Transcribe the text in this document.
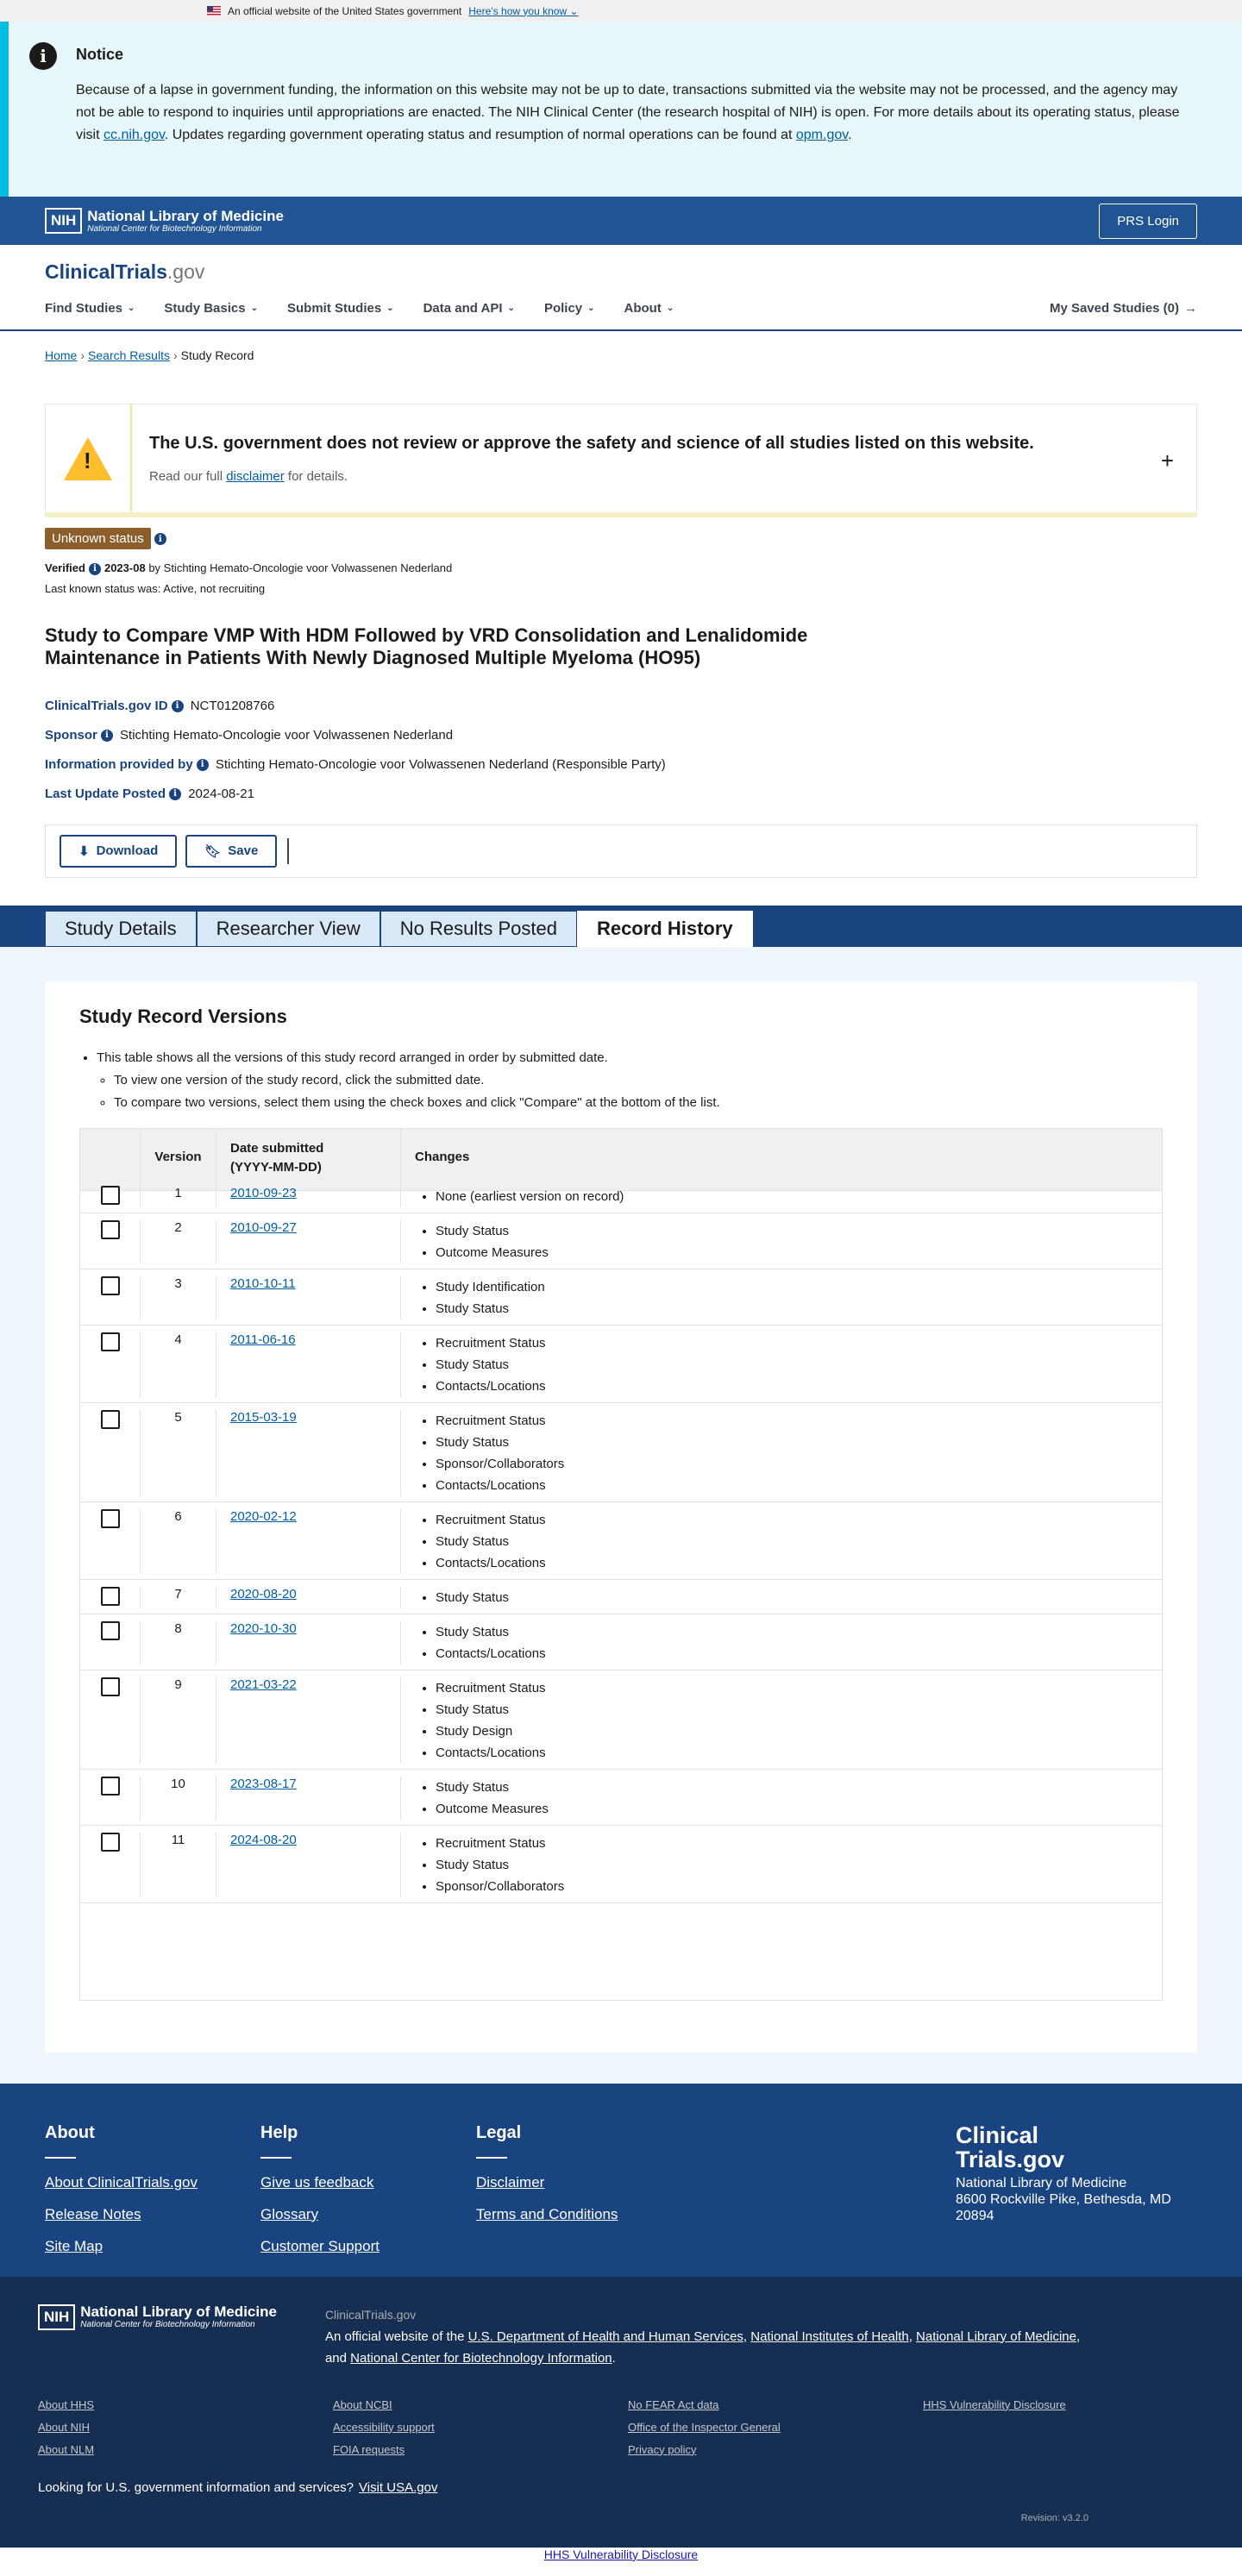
An official website of the United States government Here’s how you know ⌄
i	Notice

Because of a lapse in government funding, the information on this website may not be up to date, transactions submitted via the website may not be processed, and the agency may not be able to respond to inquiries until appropriations are enacted. The NIH Clinical Center (the research hospital of NIH) is open. For more details about its operating status, please visit cc.nih.gov. Updates regarding government operating status and resumption of normal operations can be found at opm.gov.

NIH National Library of Medicine
National Center for Biotechnology Information
PRS Login
ClinicalTrials.gov
Find Studies ⌄ Study Basics ⌄ Submit Studies ⌄ Data and API ⌄ Policy ⌄ About ⌄	My Saved Studies (0) →
Home › Search Results › Study Record
!
The U.S. government does not review or approve the safety and science of all studies listed on this website.
Read our full disclaimer for details.
+
Unknown status i
Verified i 2023-08 by Stichting Hemato-Oncologie voor Volwassenen Nederland
Last known status was: Active, not recruiting
Study to Compare VMP With HDM Followed by VRD Consolidation and Lenalidomide Maintenance in Patients With Newly Diagnosed Multiple Myeloma (HO95)
ClinicalTrials.gov ID i
NCT01208766
Sponsor i
Stichting Hemato-Oncologie voor Volwassenen Nederland
Information provided by i
Stichting Hemato-Oncologie voor Volwassenen Nederland (Responsible Party)
Last Update Posted i
2024-08-21
⬇ Download	🔖︎ Save
Study Details	Researcher View	No Results Posted	Record History
Study Record Versions
• This table shows all the versions of this study record arranged in order by submitted date.
◦ To view one version of the study record, click the submitted date.
◦ To compare two versions, select them using the check boxes and click "Compare" at the bottom of the list.
Version
Date submitted
(YYYY-MM-DD)
Changes
1	2010-09-23	• None (earliest version on record)
2	2010-09-27	• Study Status
• Outcome Measures
3	2010-10-11	• Study Identification
• Study Status
4	2011-06-16	• Recruitment Status
• Study Status
• Contacts/Locations
5	2015-03-19	• Recruitment Status
• Study Status
• Sponsor/Collaborators
• Contacts/Locations
6	2020-02-12	• Recruitment Status
• Study Status
• Contacts/Locations
7	2020-08-20	• Study Status
8	2020-10-30	• Study Status
• Contacts/Locations
9	2021-03-22	• Recruitment Status
• Study Status
• Study Design
• Contacts/Locations
10	2023-08-17	• Study Status
• Outcome Measures
11	2024-08-20	• Recruitment Status
• Study Status
• Sponsor/Collaborators
About
About ClinicalTrials.gov
Release Notes
Site Map
Help
Give us feedback
Glossary
Customer Support
Legal
Disclaimer
Terms and Conditions
Clinical
Trials.gov
National Library of Medicine
8600 Rockville Pike, Bethesda, MD 20894
NIH National Library of Medicine
National Center for Biotechnology Information
ClinicalTrials.gov
An official website of the U.S. Department of Health and Human Services, National Institutes of Health, National Library of Medicine,
and National Center for Biotechnology Information.
About HHS	About NCBI	No FEAR Act data	HHS Vulnerability Disclosure
About NIH	Accessibility support	Office of the Inspector General
About NLM	FOIA requests	Privacy policy
Looking for U.S. government information and services? Visit USA.gov
Revision: v3.2.0
HHS Vulnerability Disclosure
